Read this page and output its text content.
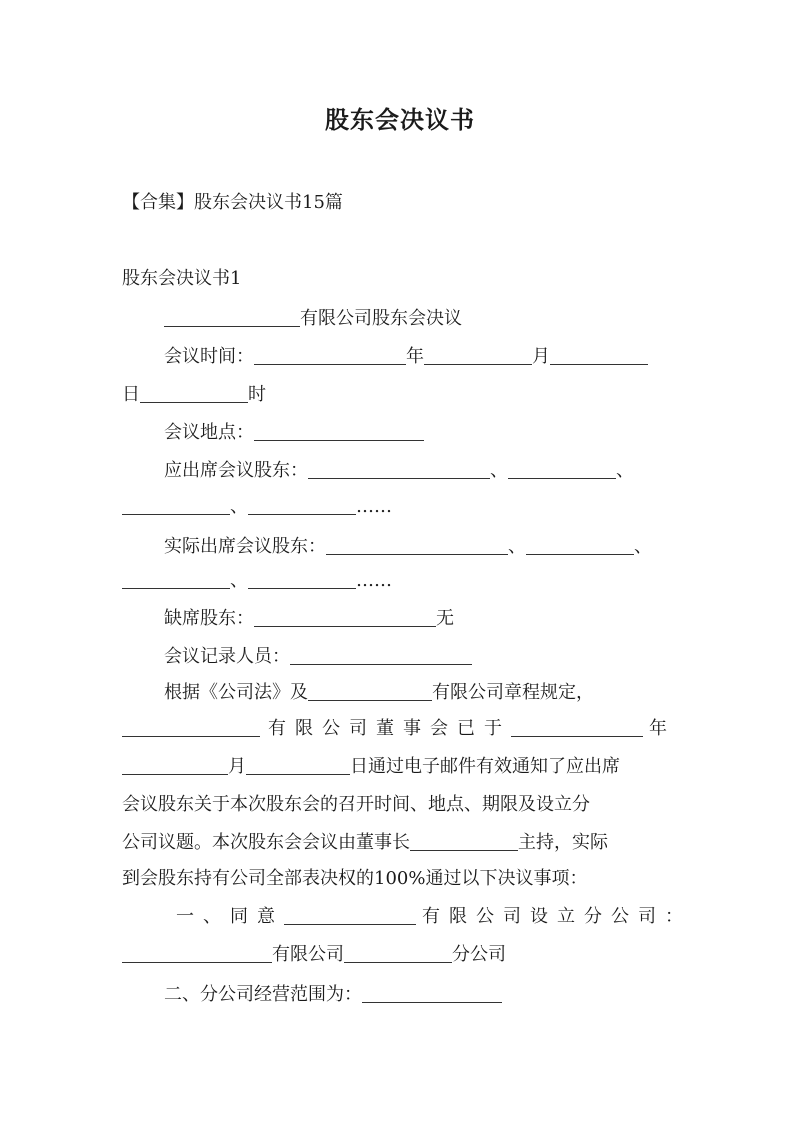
股东会决议书
【合集】股东会决议书15篇
股东会决议书1
有限公司股东会决议
会议时间：	年	月
日	时
会议地点：
应出席会议股东：	、	、
、	……
实际出席会议股东：	、	、
、	……
缺席股东：	无
会议记录人员：
根据《公司法》及	有限公司章程规定，
有限公司董事会已于	年
月	日通过电子邮件有效通知了应出席
会议股东关于本次股东会的召开时间、地点、期限及设立分
公司议题。本次股东会会议由董事长	主持，实际
到会股东持有公司全部表决权的100%通过以下决议事项：
一、同意	有限公司设立分公司：
有限公司	分公司
二、分公司经营范围为：
